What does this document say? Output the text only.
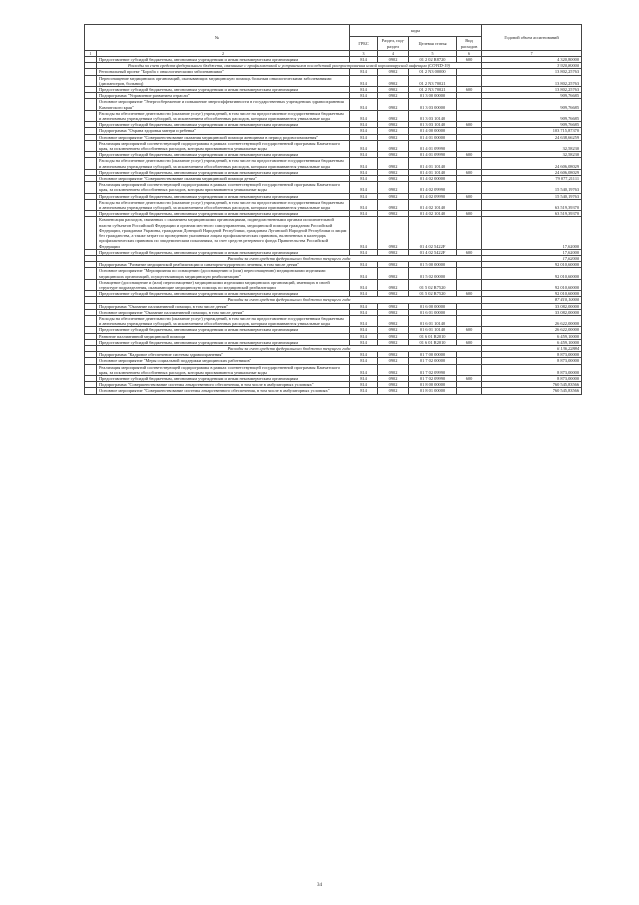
№		коды				Годовой объем ассигнований
		ГРБС	Раздел, под-раздел	Целевая статья	Вид расходов	
1	2	3	4	5	6	7
	Предоставление субсидий бюджетным, автономным учреждениям и иным некоммерческим организациям	814	0902	01 2 02 R8720	600	4 320,80000
	Расходы за счет средств федерального бюджета, связанные с профилактикой и устранением последствий распространения новой коронавирусной инфекции (COVID-19)					3 920,80000
	Региональный проект "Борьба с онкологическими заболеваниями"	814	0902	01 2 N3 00000		13 802,25763
	Переоснащение медицинских организаций, оказывающих медицинскую помощь больным онкологическими заболеваниями (диспансеров, больниц)	814	0902	01 2 N3 70021		13 802,25763
	Предоставление субсидий бюджетным, автономным учреждениям и иным некоммерческим организациям	814	0902	01 2 N3 70021	600	13 802,25763
	Подпрограмма "Управление развитием отрасли"	814	0902	01 3 00 00000		909,76685
	Основное мероприятие "Энергосбережение и повышение энергоэффективности в государственных учреждениях здравоохранения Камчатского края"	814	0902	01 3 03 00000		909,76685
	Расходы на обеспечение деятельности (оказание услуг) учреждений, в том числе на предоставление государственным бюджетным и автономным учреждениям субсидий, за исключением обособленных расходов, которым присваиваются уникальные коды	814	0902	01 3 03 10140		909,76685
	Предоставление субсидий бюджетным, автономным учреждениям и иным некоммерческим организациям	814	0902	01 3 03 10140	600	909,76685
	Подпрограмма "Охрана здоровья матери и ребенка"	814	0902	01 4 00 00000		103 715,87370
	Основное мероприятие "Совершенствование оказания медицинской помощи женщинам в период родовспоможения"	814	0902	01 4 01 00000		24 638,66259
	Реализация мероприятий соответствующей подпрограммы в рамках соответствующей государственной программы Камчатского края, за исключением обособленных расходов, которым присваиваются уникальные коды	814	0902	01 4 01 09990		32,58230
	Предоставление субсидий бюджетным, автономным учреждениям и иным некоммерческим организациям	814	0902	01 4 01 09990	600	32,58230
	Расходы на обеспечение деятельности (оказание услуг) учреждений, в том числе на предоставление государственным бюджетным и автономным учреждениям субсидий, за исключением обособленных расходов, которым присваиваются уникальные коды	814	0902	01 4 01 10140		24 606,08029
	Предоставление субсидий бюджетным, автономным учреждениям и иным некоммерческим организациям	814	0902	01 4 01 10140	600	24 606,08029
	Основное мероприятие "Совершенствование оказания медицинской помощи детям"	814	0902	01 4 02 00000		79 077,21111
	Реализация мероприятий соответствующей подпрограммы в рамках соответствующей государственной программы Камчатского края, за исключением обособленных расходов, которым присваиваются уникальные коды	814	0902	01 4 02 09990		15 540,19763
	Предоставление субсидий бюджетным, автономным учреждениям и иным некоммерческим организациям	814	0902	01 4 02 09990	600	15 540,19763
	Расходы на обеспечение деятельности (оказание услуг) учреждений, в том числе на предоставление государственным бюджетным и автономным учреждениям субсидий, за исключением обособленных расходов, которым присваиваются уникальные коды	814	0902	01 4 02 10140		63 519,39370
	Предоставление субсидий бюджетным, автономным учреждениям и иным некоммерческим организациям	814	0902	01 4 02 10140	600	63 519,39370
	Компенсация расходов, связанных с оказанием медицинскими организациями, подведомственными органам исполнительной власти субъектов Российской Федерации и органам местного самоуправления, медицинской помощи гражданам Российской Федерации, гражданам Украины, гражданам Донецкой Народной Республики, гражданам Луганской Народной Республики и лицам без гражданства, а также затрат по проведению указанным лицам профилактических прививок, включенных в календарь профилактических прививок по эпидемическим показаниям, за счет средств резервного фонда Правительства Российской Федерации	814	0902	01 4 02 5422F		17,62000
	Предоставление субсидий бюджетным, автономным учреждениям и иным некоммерческим организациям	814	0902	01 4 02 5422F	600	17,62000
	Расходы за счет средств федерального бюджета текущего года					17,62000
	Подпрограмма "Развитие медицинской реабилитации и санаторно-курортного лечения, в том числе детям"	814	0902	01 5 00 00000		92 010,60000
	Основное мероприятие "Мероприятия по оснащению (дооснащению и (или) переоснащению) медицинскими изделиями медицинских организаций, осуществляющих медицинскую реабилитацию"	814	0902	01 5 02 00000		92 010,60000
	Оснащение (дооснащение и (или) переоснащение) медицинскими изделиями медицинских организаций, имеющих в своей структуре подразделения, оказывающие медицинскую помощь по медицинской реабилитации	814	0902	01 5 02 R7520		92 010,60000
	Предоставление субсидий бюджетным, автономным учреждениям и иным некоммерческим организациям	814	0902	01 5 02 R7520	600	92 010,60000
	Расходы за счет средств федерального бюджета текущего года					87 410,10000
	Подпрограмма "Оказание паллиативной помощи, в том числе детям"	814	0902	01 6 00 00000		33 082,00000
	Основное мероприятие "Оказание паллиативной помощи, в том числе детям"	814	0902	01 6 01 00000		33 082,00000
	Расходы на обеспечение деятельности (оказание услуг) учреждений, в том числе на предоставление государственным бюджетным и автономным учреждениям субсидий, за исключением обособленных расходов, которым присваиваются уникальные коды	814	0902	01 6 01 10140		26 622,00000
	Предоставление субсидий бюджетным, автономным учреждениям и иным некоммерческим организациям	814	0902	01 6 01 10140	600	26 622,00000
	Развитие паллиативной медицинской помощи	814	0902	01 6 01 R2010		6 459,10000
	Предоставление субсидий бюджетным, автономным учреждениям и иным некоммерческим организациям	814	0902	01 6 01 R2010	600	6 459,10000
	Расходы за счет средств федерального бюджета текущего года					6 136,22884
	Подпрограмма "Кадровое обеспечение системы здравоохранения"	814	0902	01 7 00 00000		8 873,00000
	Основное мероприятие "Меры социальной поддержки медицинских работников"	814	0902	01 7 02 00000		8 873,00000
	Реализация мероприятий соответствующей подпрограммы в рамках соответствующей государственной программы Камчатского края, за исключением обособленных расходов, которым присваиваются уникальные коды	814	0902	01 7 02 09990		8 873,00000
	Предоставление субсидий бюджетным, автономным учреждениям и иным некоммерческим организациям	814	0902	01 7 02 09990	600	8 873,00000
	Подпрограмма "Совершенствование системы лекарственного обеспечения, в том числе в амбулаторных условиях"	814	0902	01 8 00 00000		760 545,83566
	Основное мероприятие "Совершенствование системы лекарственного обеспечения, в том числе в амбулаторных условиях"	814	0902	01 8 01 00000		760 545,83566
34
